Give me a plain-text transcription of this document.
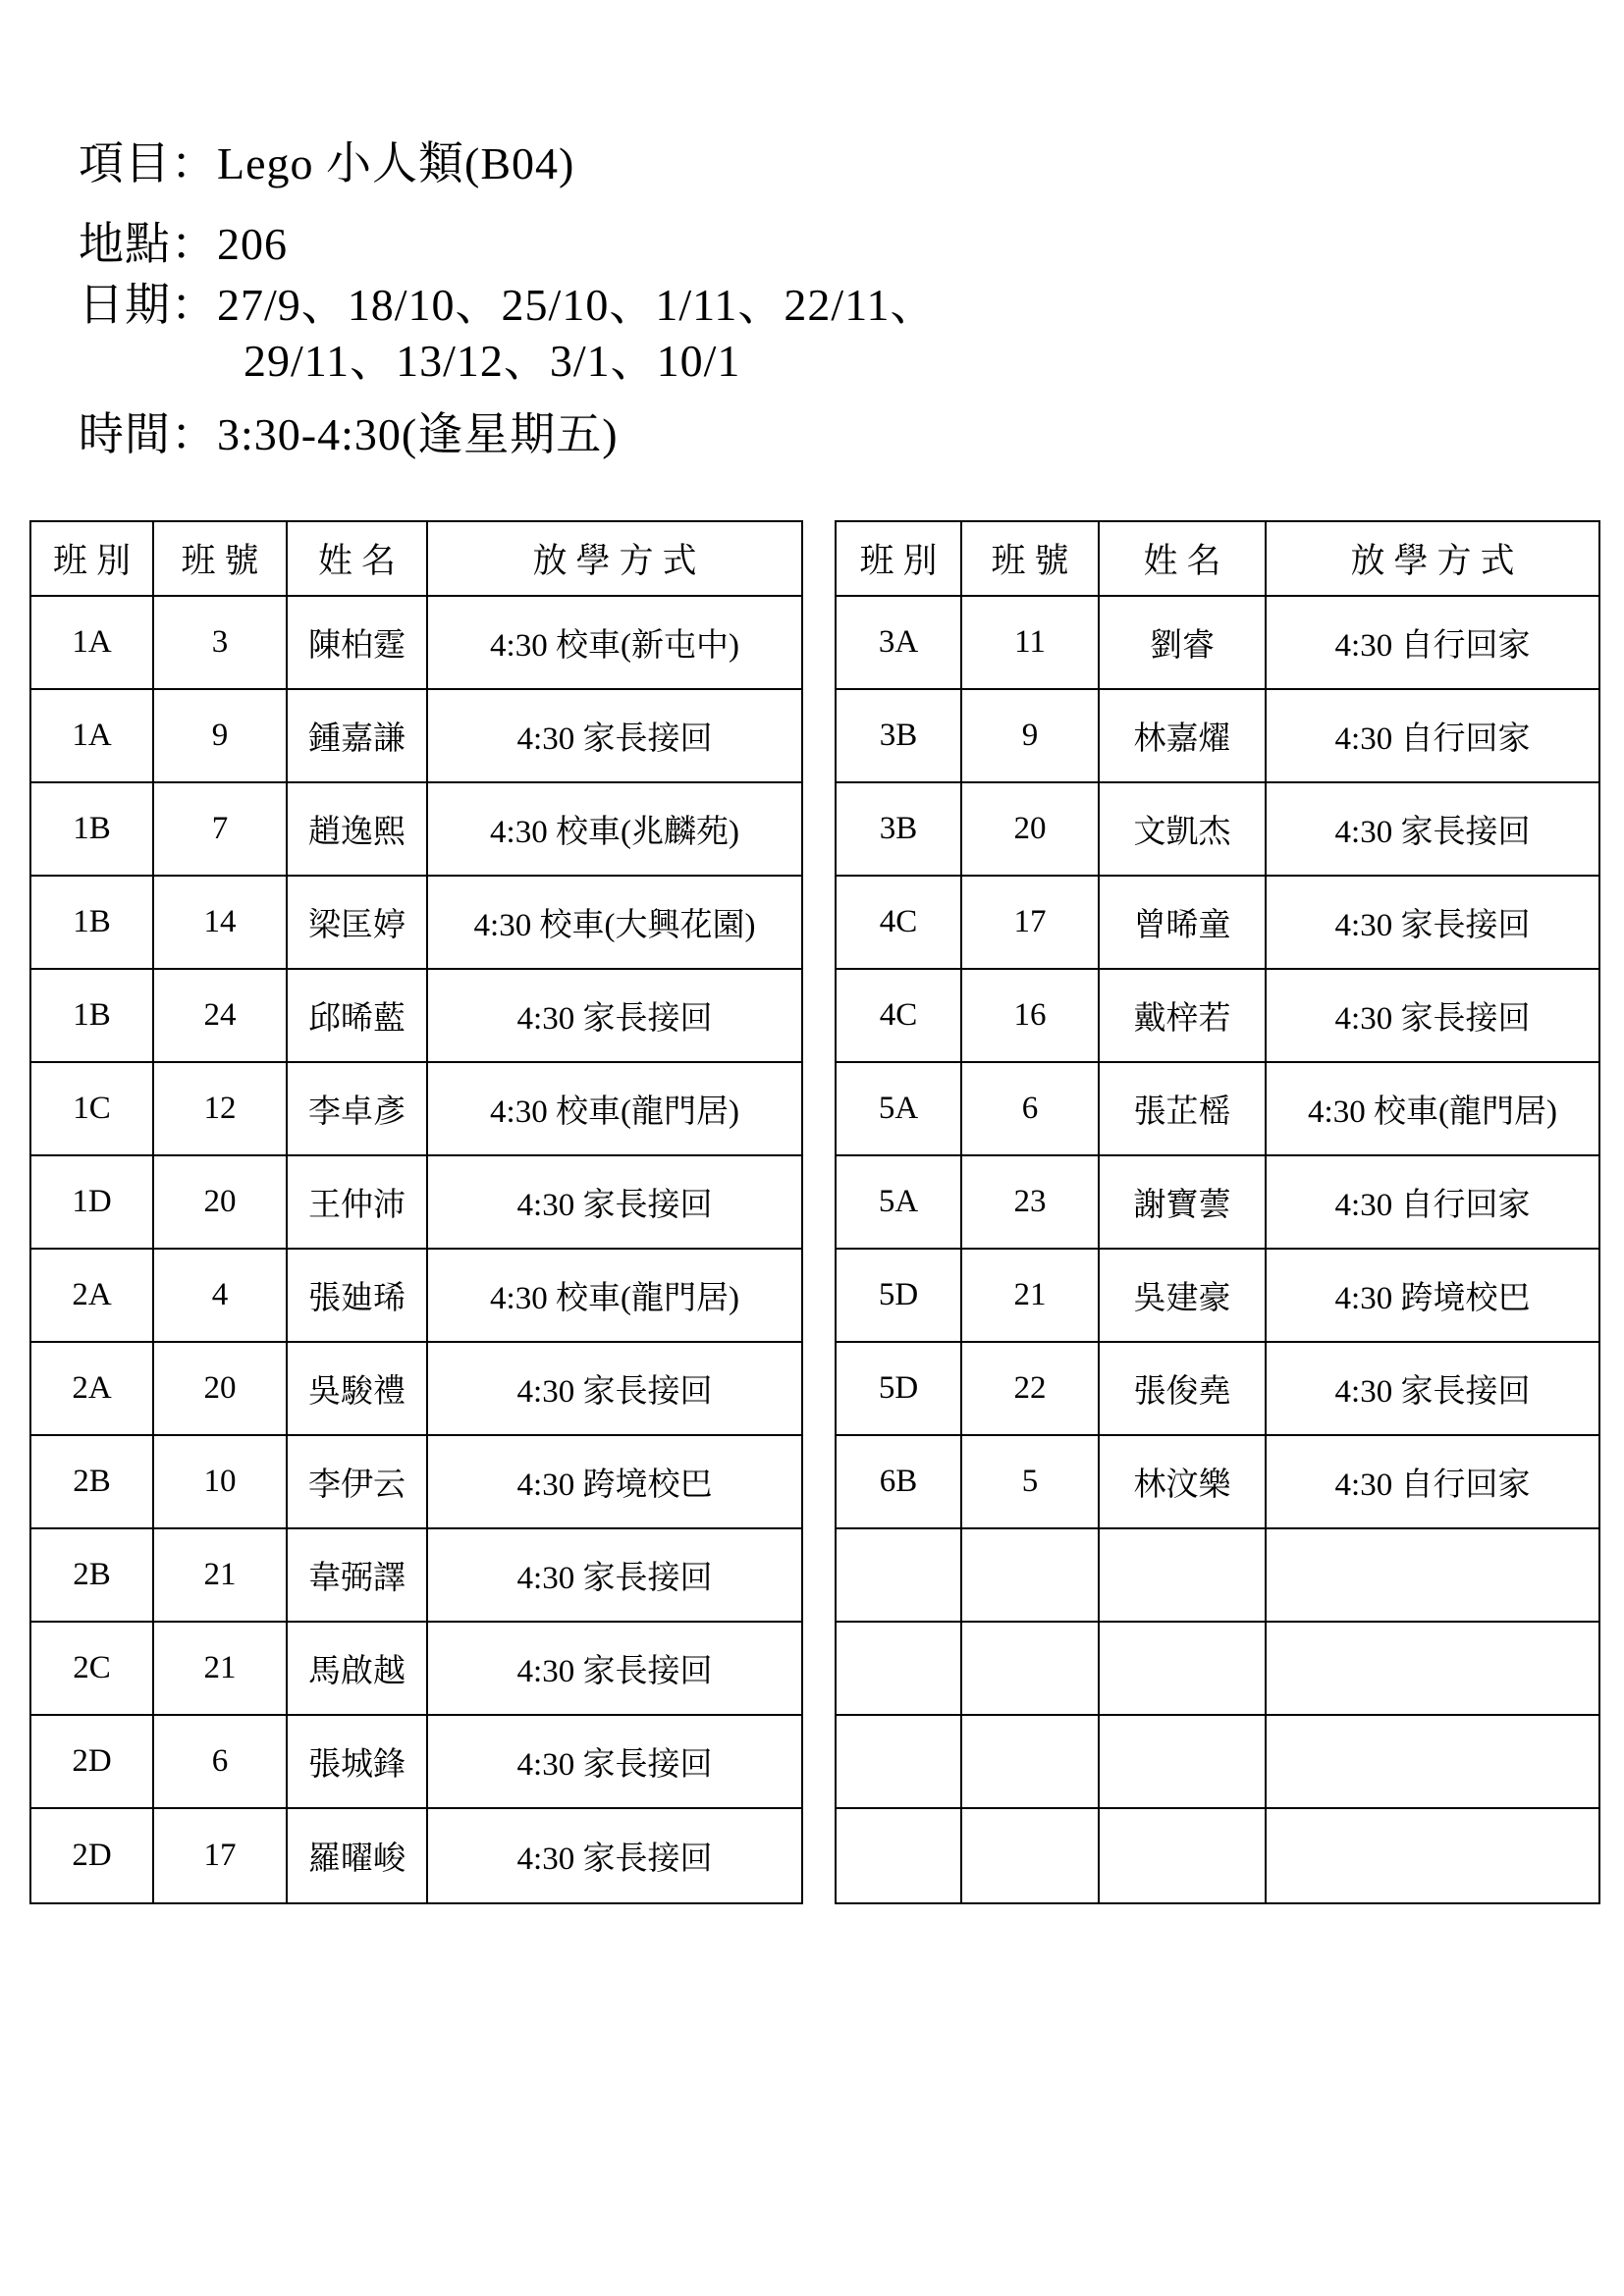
項目：Lego 小人類(B04)
地點：206
日期：27/9、18/10、25/10、1/11、22/11、
29/11、13/12、3/1、10/1
時間：3:30-4:30(逢星期五)
班別	班號	姓名	放學方式
1A	3	陳柏霆	4:30 校車(新屯中)
1A	9	鍾嘉謙	4:30 家長接回
1B	7	趙逸熙	4:30 校車(兆麟苑)
1B	14	梁匡婷	4:30 校車(大興花園)
1B	24	邱晞藍	4:30 家長接回
1C	12	李卓彥	4:30 校車(龍門居)
1D	20	王仲沛	4:30 家長接回
2A	4	張廸琋	4:30 校車(龍門居)
2A	20	吳駿禮	4:30 家長接回
2B	10	李伊云	4:30 跨境校巴
2B	21	韋弼譯	4:30 家長接回
2C	21	馬啟越	4:30 家長接回
2D	6	張城鋒	4:30 家長接回
2D	17	羅曜峻	4:30 家長接回
班別	班號	姓名	放學方式
3A	11	劉睿	4:30 自行回家
3B	9	林嘉燿	4:30 自行回家
3B	20	文凱杰	4:30 家長接回
4C	17	曾晞童	4:30 家長接回
4C	16	戴梓若	4:30 家長接回
5A	6	張芷榣	4:30 校車(龍門居)
5A	23	謝寶蕓	4:30 自行回家
5D	21	吳建豪	4:30 跨境校巴
5D	22	張俊堯	4:30 家長接回
6B	5	林汶樂	4:30 自行回家
